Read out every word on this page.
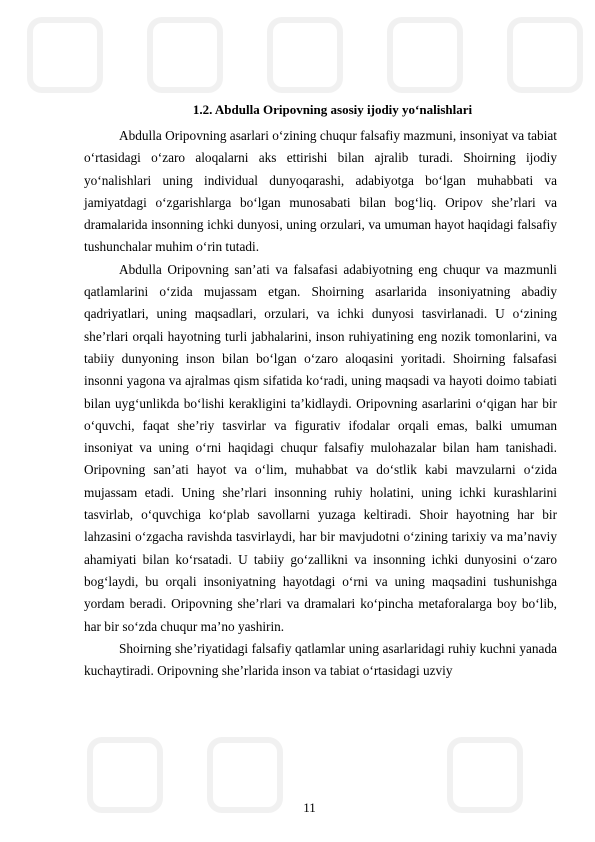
1.2. Abdulla Oripovning asosiy ijodiy yo‘nalishlari

Abdulla Oripovning asarlari o‘zining chuqur falsafiy mazmuni, insoniyat va tabiat o‘rtasidagi o‘zaro aloqalarni aks ettirishi bilan ajralib turadi. Shoirning ijodiy yo‘nalishlari uning individual dunyoqarashi, adabiyotga bo‘lgan muhabbati va jamiyatdagi o‘zgarishlarga bo‘lgan munosabati bilan bog‘liq. Oripov she’rlari va dramalarida insonning ichki dunyosi, uning orzulari, va umuman hayot haqidagi falsafiy tushunchalar muhim o‘rin tutadi.

Abdulla Oripovning san’ati va falsafasi adabiyotning eng chuqur va mazmunli qatlamlarini o‘zida mujassam etgan. Shoirning asarlarida insoniyatning abadiy qadriyatlari, uning maqsadlari, orzulari, va ichki dunyosi tasvirlanadi. U o‘zining she’rlari orqali hayotning turli jabhalarini, inson ruhiyatining eng nozik tomonlarini, va tabiiy dunyoning inson bilan bo‘lgan o‘zaro aloqasini yoritadi. Shoirning falsafasi insonni yagona va ajralmas qism sifatida ko‘radi, uning maqsadi va hayoti doimo tabiati bilan uyg‘unlikda bo‘lishi kerakligini ta’kidlaydi. Oripovning asarlarini o‘qigan har bir o‘quvchi, faqat she’riy tasvirlar va figurativ ifodalar orqali emas, balki umuman insoniyat va uning o‘rni haqidagi chuqur falsafiy mulohazalar bilan ham tanishadi. Oripovning san’ati hayot va o‘lim, muhabbat va do‘stlik kabi mavzularni o‘zida mujassam etadi. Uning she’rlari insonning ruhiy holatini, uning ichki kurashlarini tasvirlab, o‘quvchiga ko‘plab savollarni yuzaga keltiradi. Shoir hayotning har bir lahzasini o‘zgacha ravishda tasvirlaydi, har bir mavjudotni o‘zining tarixiy va ma’naviy ahamiyati bilan ko‘rsatadi. U tabiiy go‘zallikni va insonning ichki dunyosini o‘zaro bog‘laydi, bu orqali insoniyatning hayotdagi o‘rni va uning maqsadini tushunishga yordam beradi. Oripovning she’rlari va dramalari ko‘pincha metaforalarga boy bo‘lib, har bir so‘zda chuqur ma’no yashirin.

Shoirning she’riyatidagi falsafiy qatlamlar uning asarlaridagi ruhiy kuchni yanada kuchaytiradi. Oripovning she’rlarida inson va tabiat o‘rtasidagi uzviy

11
